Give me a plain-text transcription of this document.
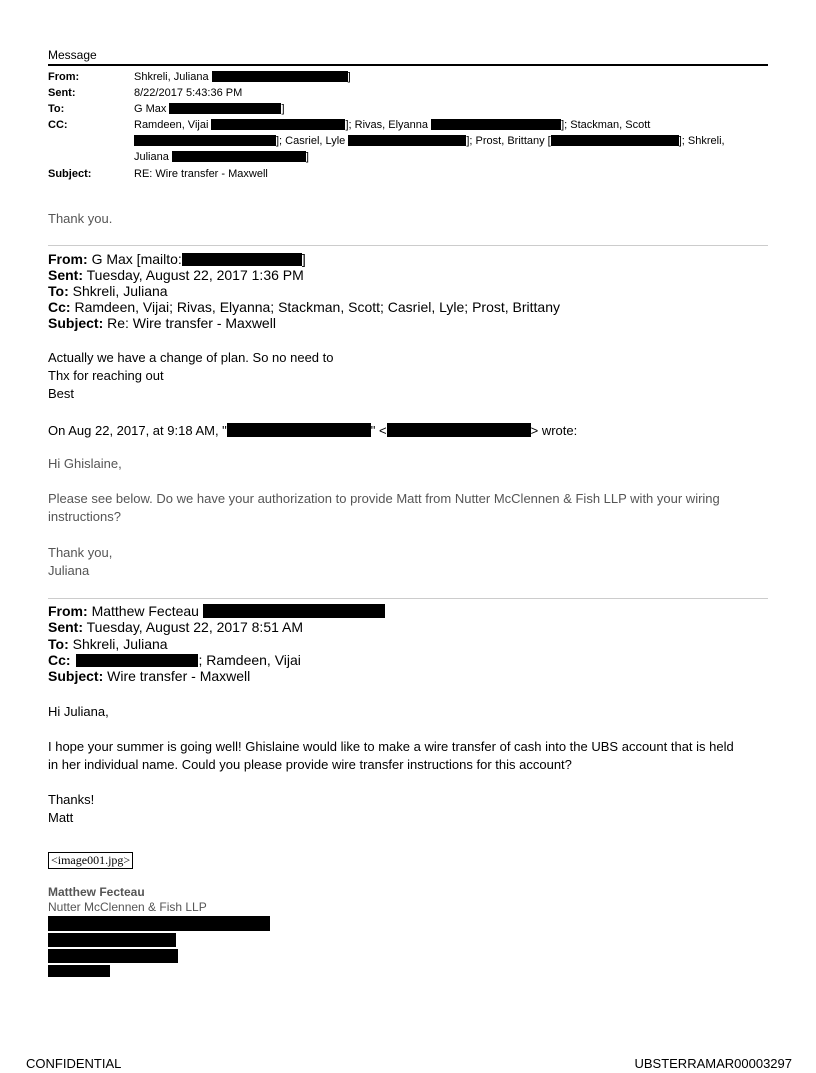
Message
From:	Shkreli, Juliana	]
Sent:	8/22/2017 5:43:36 PM
To:	G Max	]
CC:	Ramdeen, Vijai	]; Rivas, Elyanna	]; Stackman, Scott
]; Casriel, Lyle	]; Prost, Brittany [	]; Shkreli,
Juliana	]
Subject:	RE: Wire transfer - Maxwell
Thank you.
From: G Max [mailto:	]
Sent: Tuesday, August 22, 2017 1:36 PM
To: Shkreli, Juliana
Cc: Ramdeen, Vijai; Rivas, Elyanna; Stackman, Scott; Casriel, Lyle; Prost, Brittany
Subject: Re: Wire transfer - Maxwell
Actually we have a change of plan. So no need to
Thx for reaching out
Best
On Aug 22, 2017, at 9:18 AM, "	" <	> wrote:
Hi Ghislaine,
Please see below. Do we have your authorization to provide Matt from Nutter McClennen & Fish LLP with your wiring
instructions?
Thank you,
Juliana
From: Matthew Fecteau
Sent: Tuesday, August 22, 2017 8:51 AM
To: Shkreli, Juliana
Cc:	; Ramdeen, Vijai
Subject: Wire transfer - Maxwell
Hi Juliana,
I hope your summer is going well! Ghislaine would like to make a wire transfer of cash into the UBS account that is held
in her individual name. Could you please provide wire transfer instructions for this account?
Thanks!
Matt
<image001.jpg>
Matthew Fecteau
Nutter McClennen & Fish LLP
CONFIDENTIAL	UBSTERRAMAR00003297
